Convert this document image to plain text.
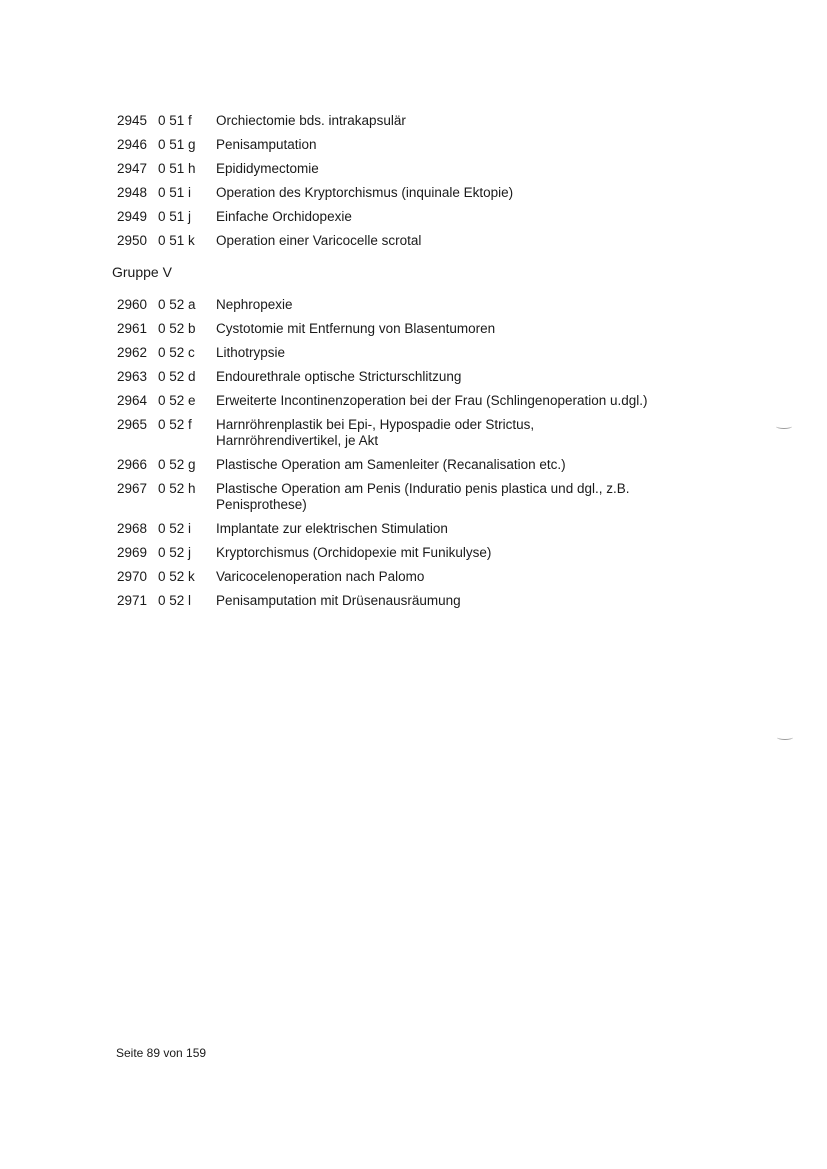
2945 0 51 f	Orchiectomie bds. intrakapsulär
2946 0 51 g	Penisamputation
2947 0 51 h	Epididymectomie
2948 0 51 i	Operation des Kryptorchismus (inquinale Ektopie)
2949 0 51 j	Einfache Orchidopexie
2950 0 51 k	Operation einer Varicocelle scrotal
Gruppe V
2960 0 52 a	Nephropexie
2961 0 52 b	Cystotomie mit Entfernung von Blasentumoren
2962 0 52 c	Lithotrypsie
2963 0 52 d	Endourethrale optische Stricturschlitzung
2964 0 52 e	Erweiterte Incontinenzoperation bei der Frau (Schlingenoperation u.dgl.)
2965 0 52 f	Harnröhrenplastik bei Epi-, Hypospadie oder Strictus,
Harnröhrendivertikel, je Akt
2966 0 52 g	Plastische Operation am Samenleiter (Recanalisation etc.)
2967 0 52 h	Plastische Operation am Penis (Induratio penis plastica und dgl., z.B.
Penisprothese)
2968 0 52 i	Implantate zur elektrischen Stimulation
2969 0 52 j	Kryptorchismus (Orchidopexie mit Funikulyse)
2970 0 52 k	Varicocelenoperation nach Palomo
2971 0 52 l	Penisamputation mit Drüsenausräumung
Seite 89 von 159
